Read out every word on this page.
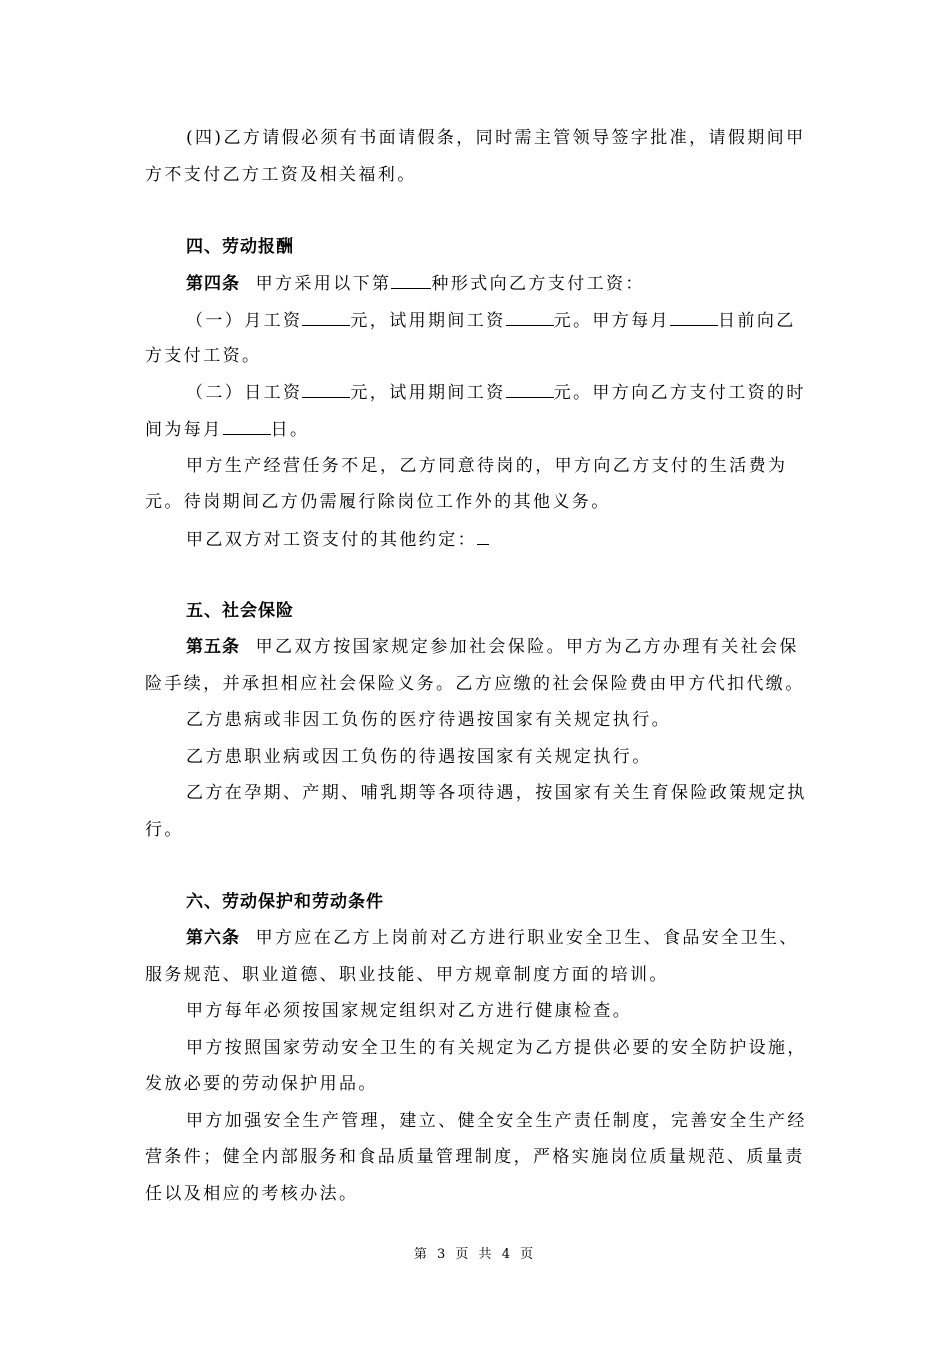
(四)乙方请假必须有书面请假条，同时需主管领导签字批准，请假期间甲
方不支付乙方工资及相关福利。
四、劳动报酬
第四条 甲方采用以下第 种形式向乙方支付工资：
（一）月工资	元，试用期间工资	元。甲方每月	日前向乙
方支付工资。
（二）日工资	元，试用期间工资	元。甲方向乙方支付工资的时
间为每月	日。
甲方生产经营任务不足，乙方同意待岗的，甲方向乙方支付的生活费为
元。待岗期间乙方仍需履行除岗位工作外的其他义务。
甲乙双方对工资支付的其他约定：
五、社会保险
第五条 甲乙双方按国家规定参加社会保险。甲方为乙方办理有关社会保
险手续，并承担相应社会保险义务。乙方应缴的社会保险费由甲方代扣代缴。
乙方患病或非因工负伤的医疗待遇按国家有关规定执行。
乙方患职业病或因工负伤的待遇按国家有关规定执行。
乙方在孕期、产期、哺乳期等各项待遇，按国家有关生育保险政策规定执
行。
六、劳动保护和劳动条件
第六条 甲方应在乙方上岗前对乙方进行职业安全卫生、食品安全卫生、
服务规范、职业道德、职业技能、甲方规章制度方面的培训。
甲方每年必须按国家规定组织对乙方进行健康检查。
甲方按照国家劳动安全卫生的有关规定为乙方提供必要的安全防护设施，
发放必要的劳动保护用品。
甲方加强安全生产管理，建立、健全安全生产责任制度，完善安全生产经
营条件；健全内部服务和食品质量管理制度，严格实施岗位质量规范、质量责
任以及相应的考核办法。
第 3 页 共 4 页
